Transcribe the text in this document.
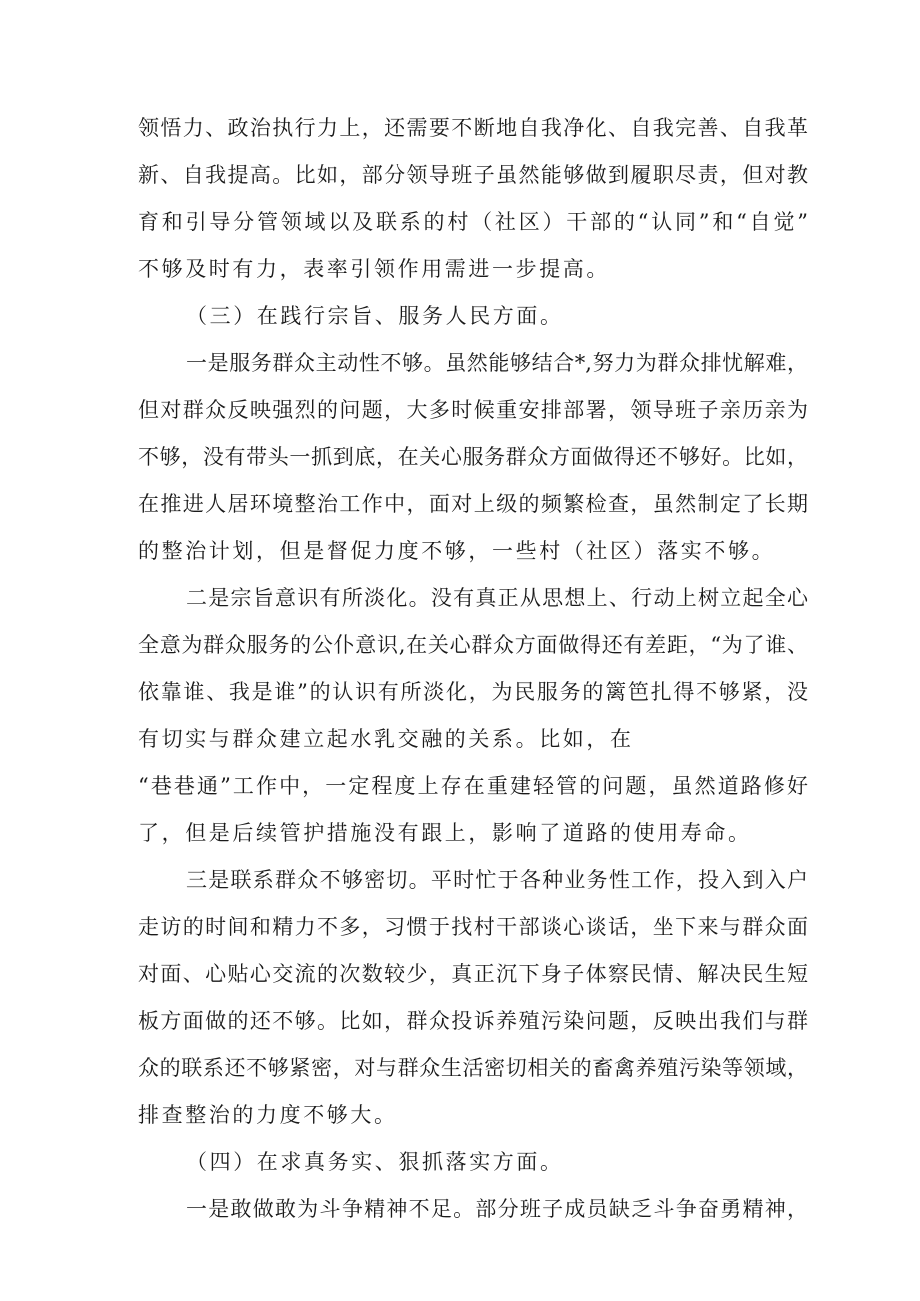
领悟力、政治执行力上，还需要不断地自我净化、自我完善、自我革
新、自我提高。比如，部分领导班子虽然能够做到履职尽责，但对教
育和引导分管领域以及联系的村（社区）干部的“认同”和“自觉”
不够及时有力，表率引领作用需进一步提高。
（三）在践行宗旨、服务人民方面。
一是服务群众主动性不够。虽然能够结合*,努力为群众排忧解难，
但对群众反映强烈的问题，大多时候重安排部署，领导班子亲历亲为
不够，没有带头一抓到底，在关心服务群众方面做得还不够好。比如，
在推进人居环境整治工作中，面对上级的频繁检查，虽然制定了长期
的整治计划，但是督促力度不够，一些村（社区）落实不够。
二是宗旨意识有所淡化。没有真正从思想上、行动上树立起全心
全意为群众服务的公仆意识,在关心群众方面做得还有差距，“为了谁、
依靠谁、我是谁”的认识有所淡化，为民服务的篱笆扎得不够紧，没
有切实与群众建立起水乳交融的关系。比如，在
“巷巷通”工作中，一定程度上存在重建轻管的问题，虽然道路修好
了，但是后续管护措施没有跟上，影响了道路的使用寿命。
三是联系群众不够密切。平时忙于各种业务性工作，投入到入户
走访的时间和精力不多，习惯于找村干部谈心谈话，坐下来与群众面
对面、心贴心交流的次数较少，真正沉下身子体察民情、解决民生短
板方面做的还不够。比如，群众投诉养殖污染问题，反映出我们与群
众的联系还不够紧密，对与群众生活密切相关的畜禽养殖污染等领域，
排查整治的力度不够大。
（四）在求真务实、狠抓落实方面。
一是敢做敢为斗争精神不足。部分班子成员缺乏斗争奋勇精神，
